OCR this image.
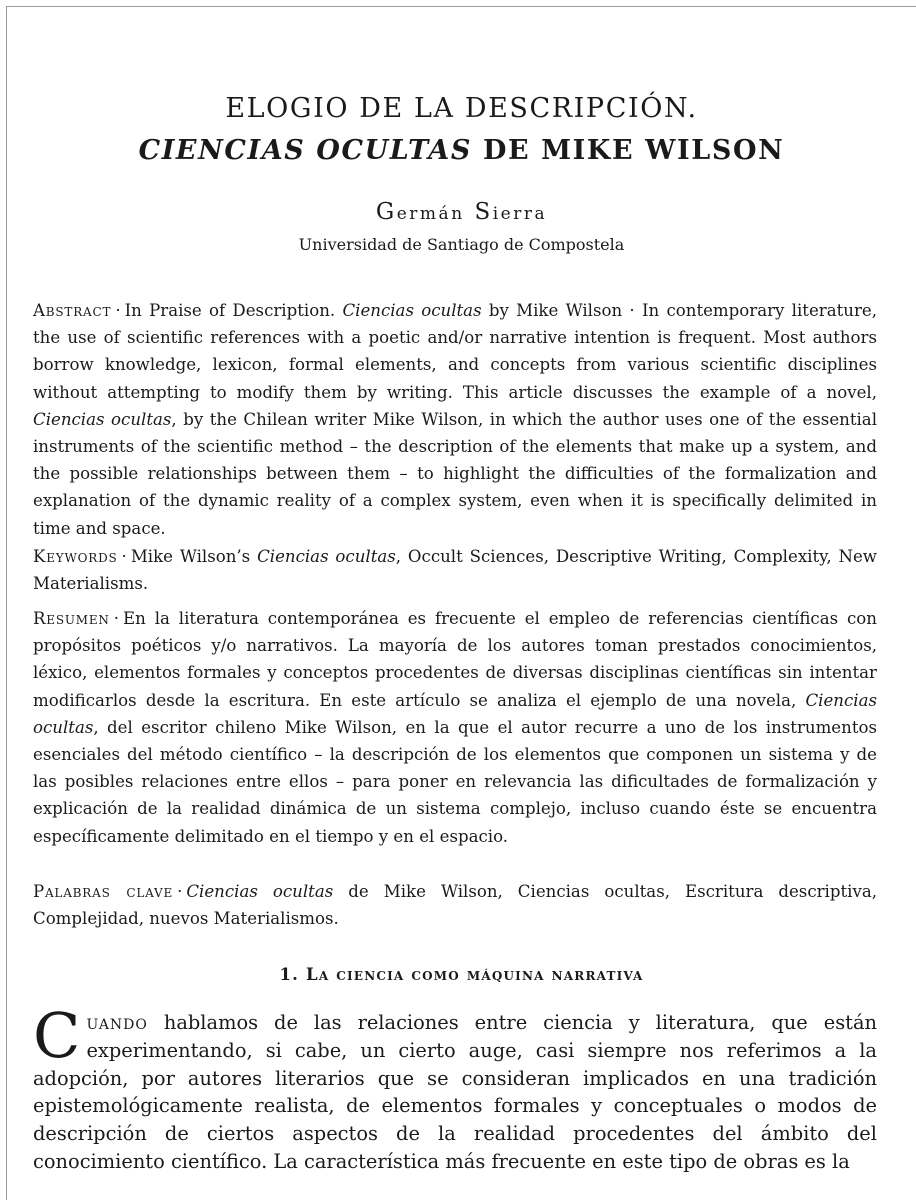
ELOGIO DE LA DESCRIPCIÓN.
CIENCIAS OCULTAS DE MIKE WILSON

Germán Sierra

Universidad de Santiago de Compostela

Abstract · In Praise of Description. Ciencias ocultas by Mike Wilson · In contemporary literature, the use of scientific references with a poetic and/or narrative intention is frequent. Most authors borrow knowledge, lexicon, formal elements, and concepts from various scientific disciplines without attempting to modify them by writing. This article discusses the example of a novel, Ciencias ocultas, by the Chilean writer Mike Wilson, in which the author uses one of the essential instruments of the scientific method – the description of the elements that make up a system, and the possible relationships between them – to highlight the difficulties of the formalization and explanation of the dynamic reality of a complex system, even when it is specifically delimited in time and space.

Keywords · Mike Wilson’s Ciencias ocultas, Occult Sciences, Descriptive Writing, Complexity, New Materialisms.

Resumen · En la literatura contemporánea es frecuente el empleo de referencias científicas con propósitos poéticos y/o narrativos. La mayoría de los autores toman prestados conocimientos, léxico, elementos formales y conceptos procedentes de diversas disciplinas científicas sin intentar modificarlos desde la escritura. En este artículo se analiza el ejemplo de una novela, Ciencias ocultas, del escritor chileno Mike Wilson, en la que el autor recurre a uno de los instrumentos esenciales del método científico – la descripción de los elementos que componen un sistema y de las posibles relaciones entre ellos – para poner en relevancia las dificultades de formalización y explicación de la realidad dinámica de un sistema complejo, incluso cuando éste se encuentra específicamente delimitado en el tiempo y en el espacio.

Palabras clave · Ciencias ocultas de Mike Wilson, Ciencias ocultas, Escritura descriptiva, Complejidad, nuevos Materialismos.

1. La ciencia como máquina narrativa

Cuando hablamos de las relaciones entre ciencia y literatura, que están experimentando, si cabe, un cierto auge, casi siempre nos referimos a la adopción, por autores literarios que se consideran implicados en una tradición epistemológicamente realista, de elementos formales y conceptuales o modos de descripción de ciertos aspectos de la realidad procedentes del ámbito del conocimiento científico. La característica más frecuente en este tipo de obras es la
